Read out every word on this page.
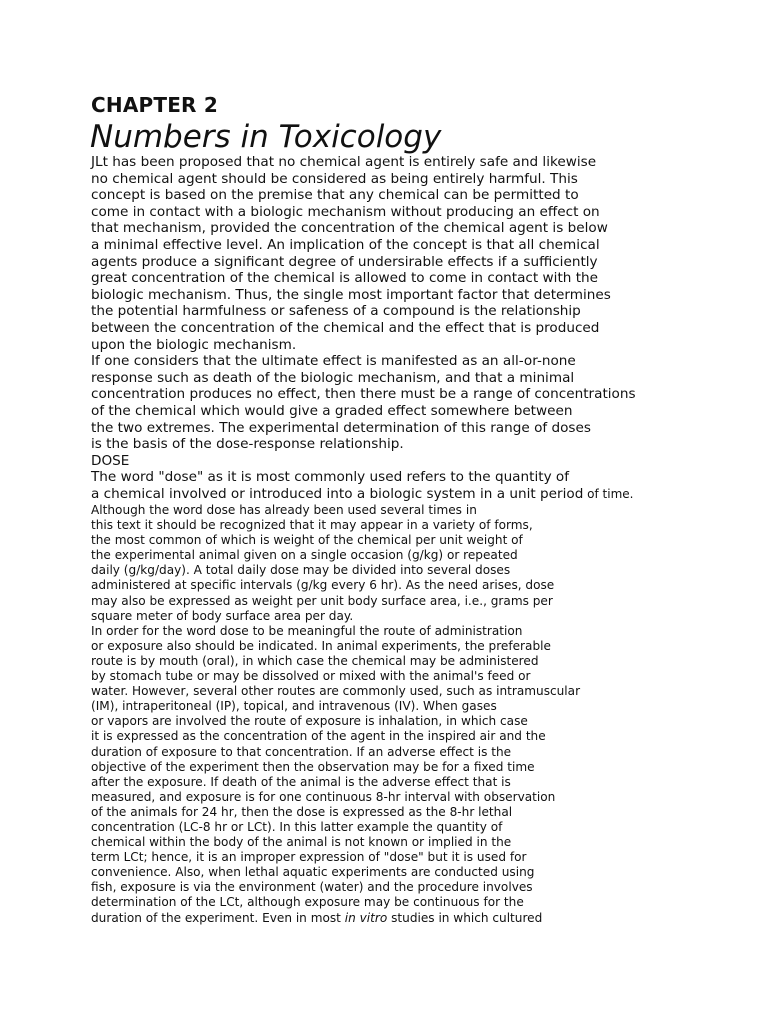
CHAPTER 2
Numbers in Toxicology
JLt has been proposed that no chemical agent is entirely safe and likewise
no chemical agent should be considered as being entirely harmful. This
concept is based on the premise that any chemical can be permitted to
come in contact with a biologic mechanism without producing an effect on
that mechanism, provided the concentration of the chemical agent is below
a minimal effective level. An implication of the concept is that all chemical
agents produce a significant degree of undersirable effects if a sufficiently
great concentration of the chemical is allowed to come in contact with the
biologic mechanism. Thus, the single most important factor that determines
the potential harmfulness or safeness of a compound is the relationship
between the concentration of the chemical and the effect that is produced
upon the biologic mechanism.
If one considers that the ultimate effect is manifested as an all-or-none
response such as death of the biologic mechanism, and that a minimal
concentration produces no effect, then there must be a range of concentrations
of the chemical which would give a graded effect somewhere between
the two extremes. The experimental determination of this range of doses
is the basis of the dose-response relationship.
DOSE
The word "dose" as it is most commonly used refers to the quantity of
a chemical involved or introduced into a biologic system in a unit period of time.
Although the word dose has already been used several times in
this text it should be recognized that it may appear in a variety of forms,
the most common of which is weight of the chemical per unit weight of
the experimental animal given on a single occasion (g/kg) or repeated
daily (g/kg/day). A total daily dose may be divided into several doses
administered at specific intervals (g/kg every 6 hr). As the need arises, dose
may also be expressed as weight per unit body surface area, i.e., grams per
square meter of body surface area per day.
In order for the word dose to be meaningful the route of administration
or exposure also should be indicated. In animal experiments, the preferable
route is by mouth (oral), in which case the chemical may be administered
by stomach tube or may be dissolved or mixed with the animal's feed or
water. However, several other routes are commonly used, such as intramuscular
(IM), intraperitoneal (IP), topical, and intravenous (IV). When gases
or vapors are involved the route of exposure is inhalation, in which case
it is expressed as the concentration of the agent in the inspired air and the
duration of exposure to that concentration. If an adverse effect is the
objective of the experiment then the observation may be for a fixed time
after the exposure. If death of the animal is the adverse effect that is
measured, and exposure is for one continuous 8-hr interval with observation
of the animals for 24 hr, then the dose is expressed as the 8-hr lethal
concentration (LC-8 hr or LCt). In this latter example the quantity of
chemical within the body of the animal is not known or implied in the
term LCt; hence, it is an improper expression of "dose" but it is used for
convenience. Also, when lethal aquatic experiments are conducted using
fish, exposure is via the environment (water) and the procedure involves
determination of the LCt, although exposure may be continuous for the
duration of the experiment. Even in most in vitro studies in which cultured
